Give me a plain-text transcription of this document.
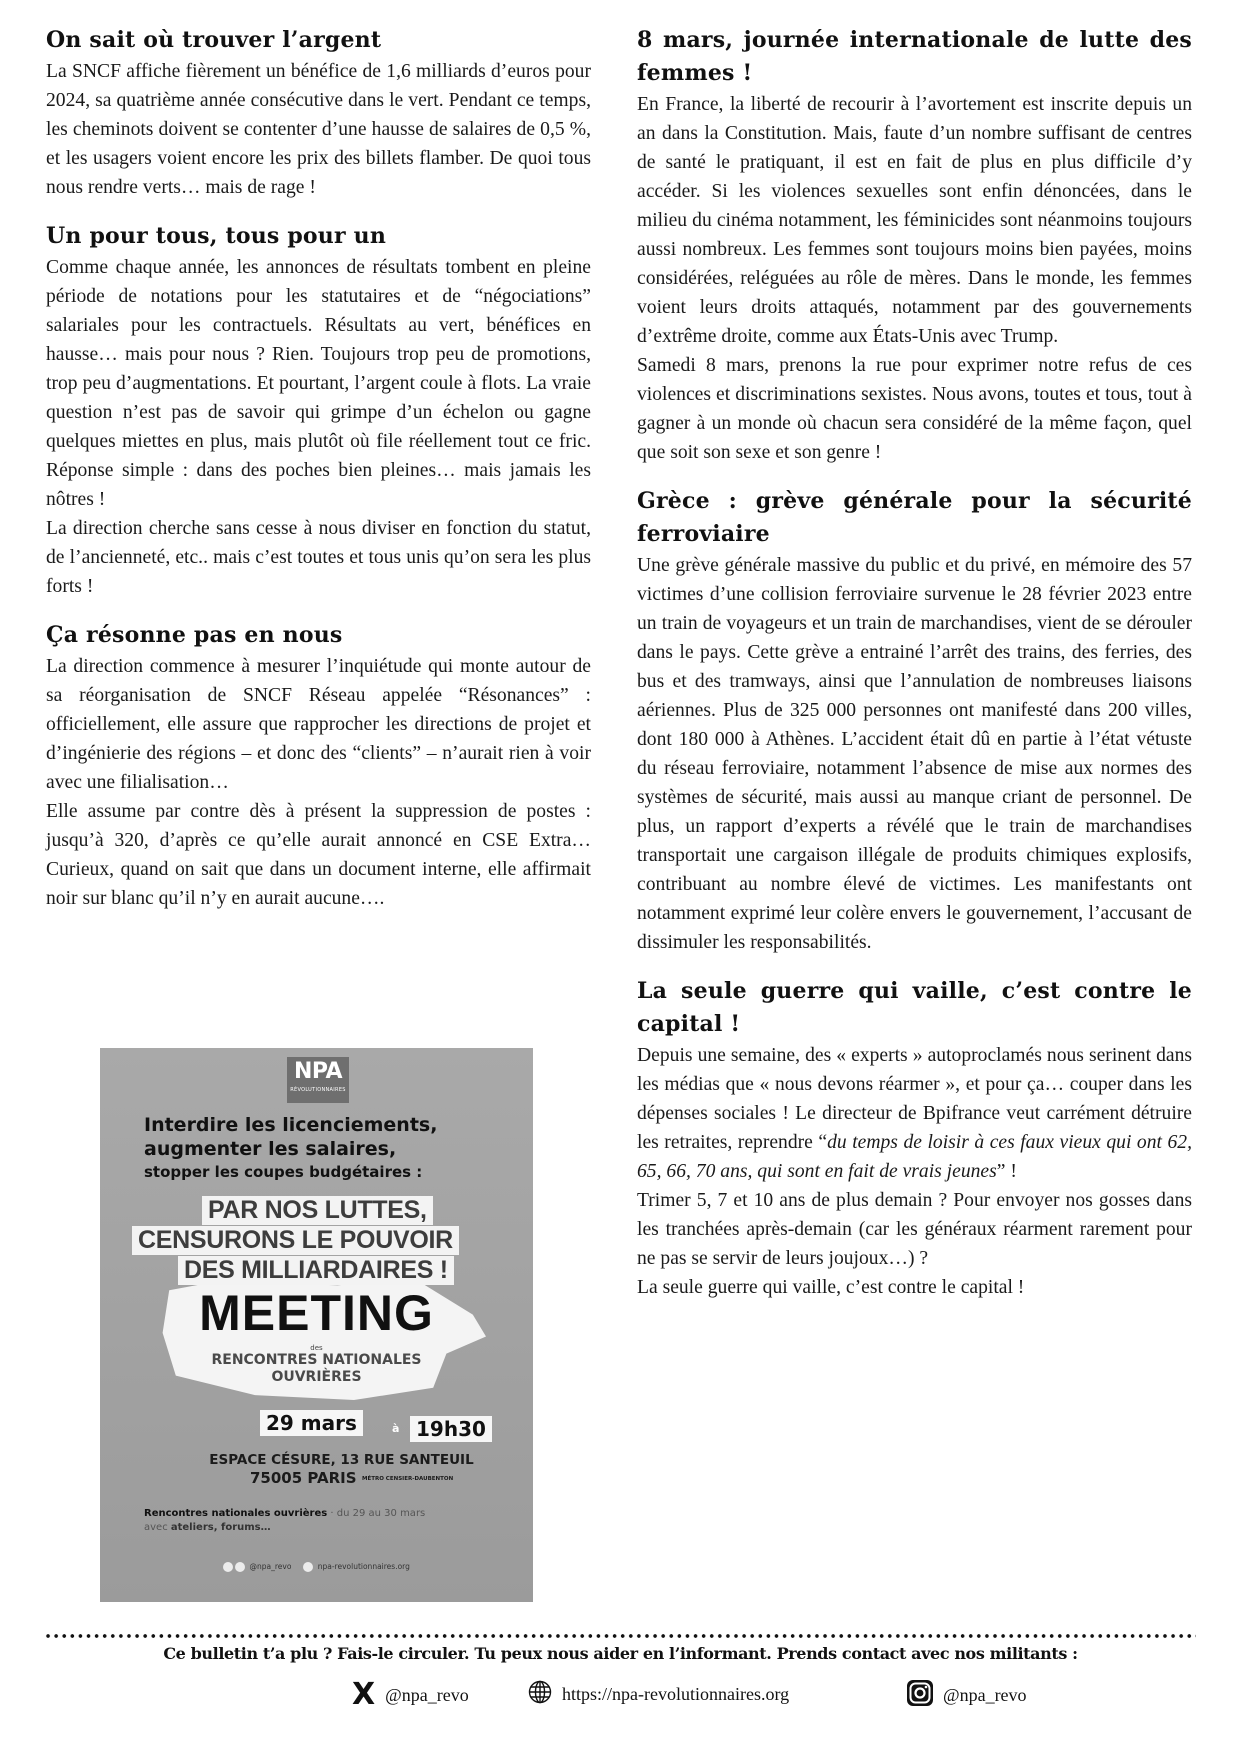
On sait où trouver l’argent

La SNCF affiche fièrement un bénéfice de 1,6 milliards d’euros pour 2024, sa quatrième année consécutive dans le vert. Pendant ce temps, les cheminots doivent se contenter d’une hausse de salaires de 0,5 %, et les usagers voient encore les prix des billets flamber. De quoi tous nous rendre verts… mais de rage !

Un pour tous, tous pour un

Comme chaque année, les annonces de résultats tombent en pleine période de notations pour les statutaires et de “négociations” salariales pour les contractuels. Résultats au vert, bénéfices en hausse… mais pour nous ? Rien. Toujours trop peu de promotions, trop peu d’augmentations. Et pourtant, l’argent coule à flots. La vraie question n’est pas de savoir qui grimpe d’un échelon ou gagne quelques miettes en plus, mais plutôt où file réellement tout ce fric. Réponse simple : dans des poches bien pleines… mais jamais les nôtres !

La direction cherche sans cesse à nous diviser en fonction du statut, de l’ancienneté, etc.. mais c’est toutes et tous unis qu’on sera les plus forts !

Ça résonne pas en nous

La direction commence à mesurer l’inquiétude qui monte autour de sa réorganisation de SNCF Réseau appelée “Résonances” : officiellement, elle assure que rapprocher les directions de projet et d’ingénierie des régions – et donc des “clients” – n’aurait rien à voir avec une filialisation…

Elle assume par contre dès à présent la suppression de postes : jusqu’à 320, d’après ce qu’elle aurait annoncé en CSE Extra… Curieux, quand on sait que dans un document interne, elle affirmait noir sur blanc qu’il n’y en aurait aucune….

8 mars, journée internationale de lutte des femmes !

En France, la liberté de recourir à l’avortement est inscrite depuis un an dans la Constitution. Mais, faute d’un nombre suffisant de centres de santé le pratiquant, il est en fait de plus en plus difficile d’y accéder. Si les violences sexuelles sont enfin dénoncées, dans le milieu du cinéma notamment, les féminicides sont néanmoins toujours aussi nombreux. Les femmes sont toujours moins bien payées, moins considérées, reléguées au rôle de mères. Dans le monde, les femmes voient leurs droits attaqués, notamment par des gouvernements d’extrême droite, comme aux États-Unis avec Trump.

Samedi 8 mars, prenons la rue pour exprimer notre refus de ces violences et discriminations sexistes. Nous avons, toutes et tous, tout à gagner à un monde où chacun sera considéré de la même façon, quel que soit son sexe et son genre !

Grèce : grève générale pour la sécurité ferroviaire

Une grève générale massive du public et du privé, en mémoire des 57 victimes d’une collision ferroviaire survenue le 28 février 2023 entre un train de voyageurs et un train de marchandises, vient de se dérouler dans le pays. Cette grève a entrainé l’arrêt des trains, des ferries, des bus et des tramways, ainsi que l’annulation de nombreuses liaisons aériennes. Plus de 325 000 personnes ont manifesté dans 200 villes, dont 180 000 à Athènes. L’accident était dû en partie à l’état vétuste du réseau ferroviaire, notamment l’absence de mise aux normes des systèmes de sécurité, mais aussi au manque criant de personnel. De plus, un rapport d’experts a révélé que le train de marchandises transportait une cargaison illégale de produits chimiques explosifs, contribuant au nombre élevé de victimes. Les manifestants ont notamment exprimé leur colère envers le gouvernement, l’accusant de dissimuler les responsabilités.

La seule guerre qui vaille, c’est contre le capital !

Depuis une semaine, des « experts » autoproclamés nous serinent dans les médias que « nous devons réarmer », et pour ça… couper dans les dépenses sociales ! Le directeur de Bpifrance veut carrément détruire les retraites, reprendre “du temps de loisir à ces faux vieux qui ont 62, 65, 66, 70 ans, qui sont en fait de vrais jeunes” !

Trimer 5, 7 et 10 ans de plus demain ? Pour envoyer nos gosses dans les tranchées après-demain (car les généraux réarment rarement pour ne pas se servir de leurs joujoux…) ?

La seule guerre qui vaille, c’est contre le capital !

NPA
RÉVOLUTIONNAIRES
Interdire les licenciements,
augmenter les salaires,
stopper les coupes budgétaires :
PAR NOS LUTTES,
CENSURONS LE POUVOIR
DES MILLIARDAIRES !
MEETING
des
RENCONTRES NATIONALES
OUVRIÈRES
29 mars	à 19h30
ESPACE CÉSURE, 13 RUE SANTEUIL
75005 PARIS MÉTRO CENSIER-DAUBENTON
Rencontres nationales ouvrières · du 29 au 30 mars
avec ateliers, forums…
@npa_revo	npa-revolutionnaires.org
Ce bulletin t’a plu ? Fais-le circuler. Tu peux nous aider en l’informant. Prends contact avec nos militants :
X @npa_revo	https://npa-revolutionnaires.org	@npa_revo
